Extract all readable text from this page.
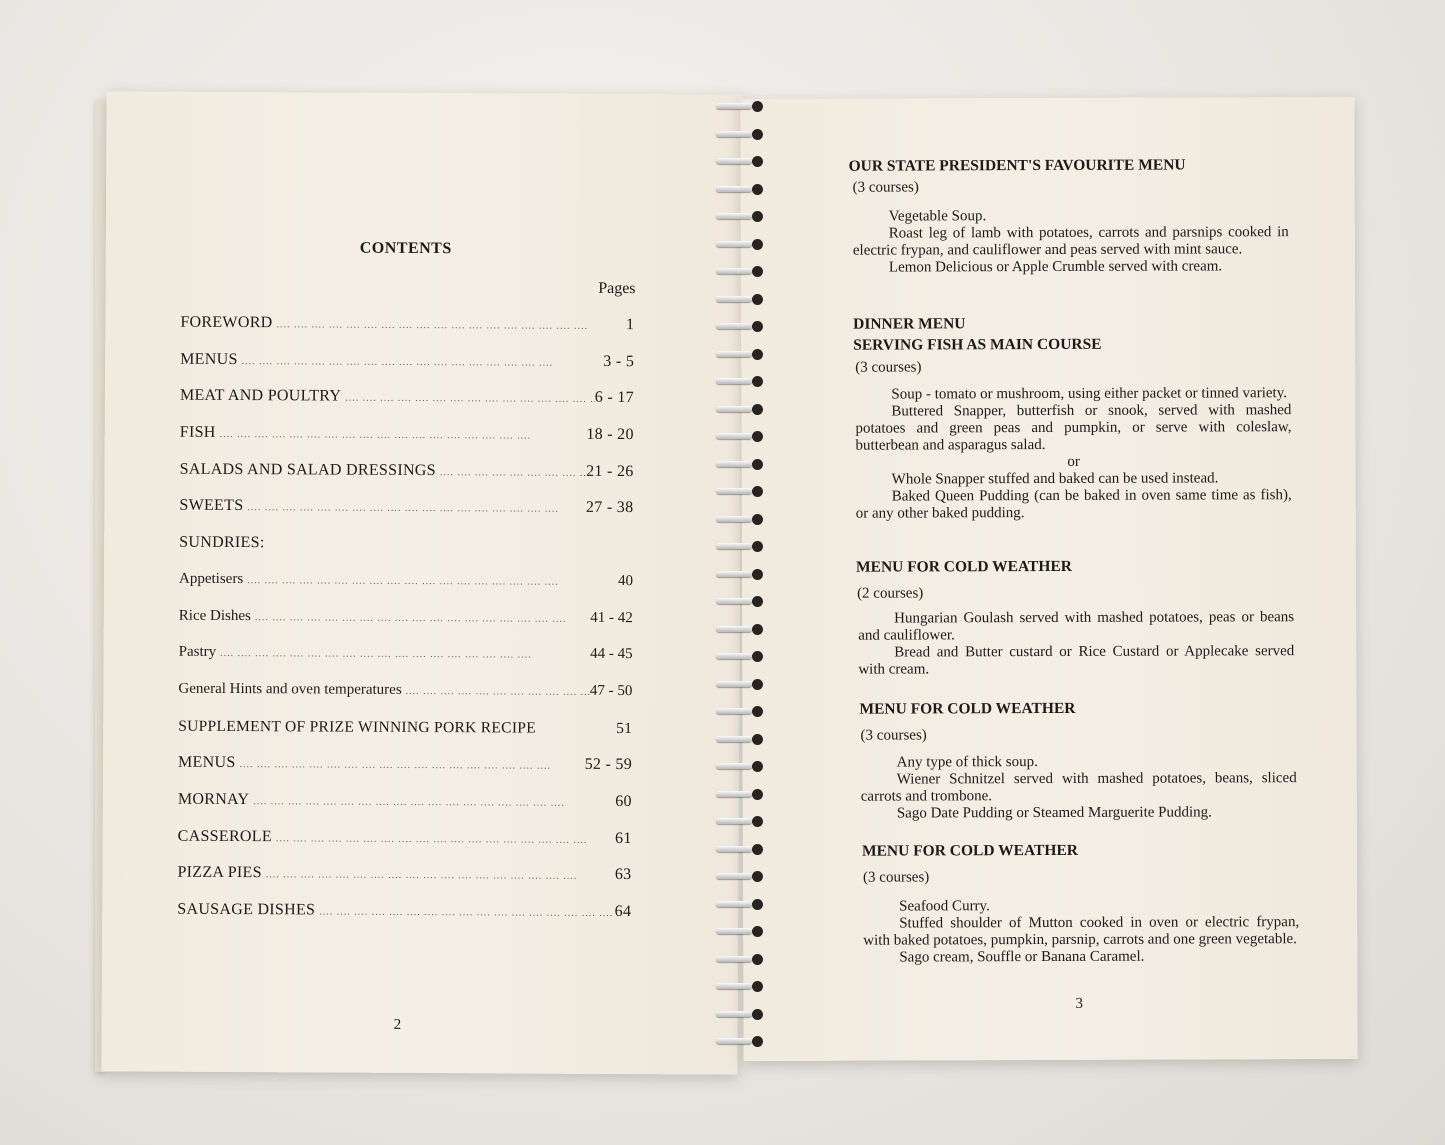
CONTENTS
Pages
FOREWORD ....	1
MENUS ....	3 - 5
MEAT AND POULTRY ....	6 - 17
FISH ....	18 - 20
SALADS AND SALAD DRESSINGS ....	21 - 26
SWEETS ....	27 - 38
SUNDRIES:
Appetisers ....	40
Rice Dishes ....	41 - 42
Pastry ....	44 - 45
General Hints and oven temperatures ....	47 - 50
SUPPLEMENT OF PRIZE WINNING PORK RECIPE	51
MENUS ....	52 - 59
MORNAY ....	60
CASSEROLE ....	61
PIZZA PIES ....	63
SAUSAGE DISHES ....	64
2
OUR STATE PRESIDENT'S FAVOURITE MENU
(3 courses)

Vegetable Soup.

Roast leg of lamb with potatoes, carrots and parsnips cooked in electric frypan, and cauliflower and peas served with mint sauce.

Lemon Delicious or Apple Crumble served with cream.

DINNER MENU
SERVING FISH AS MAIN COURSE
(3 courses)

Soup - tomato or mushroom, using either packet or tinned variety.

Buttered Snapper, butterfish or snook, served with mashed potatoes and green peas and pumpkin, or serve with coleslaw, butterbean and asparagus salad.

or

Whole Snapper stuffed and baked can be used instead.

Baked Queen Pudding (can be baked in oven same time as fish), or any other baked pudding.

MENU FOR COLD WEATHER
(2 courses)

Hungarian Goulash served with mashed potatoes, peas or beans and cauliflower.

Bread and Butter custard or Rice Custard or Applecake served with cream.

MENU FOR COLD WEATHER
(3 courses)

Any type of thick soup.

Wiener Schnitzel served with mashed potatoes, beans, sliced carrots and trombone.

Sago Date Pudding or Steamed Marguerite Pudding.

MENU FOR COLD WEATHER
(3 courses)

Seafood Curry.

Stuffed shoulder of Mutton cooked in oven or electric frypan, with baked potatoes, pumpkin, parsnip, carrots and one green vegetable.

Sago cream, Souffle or Banana Caramel.

3
